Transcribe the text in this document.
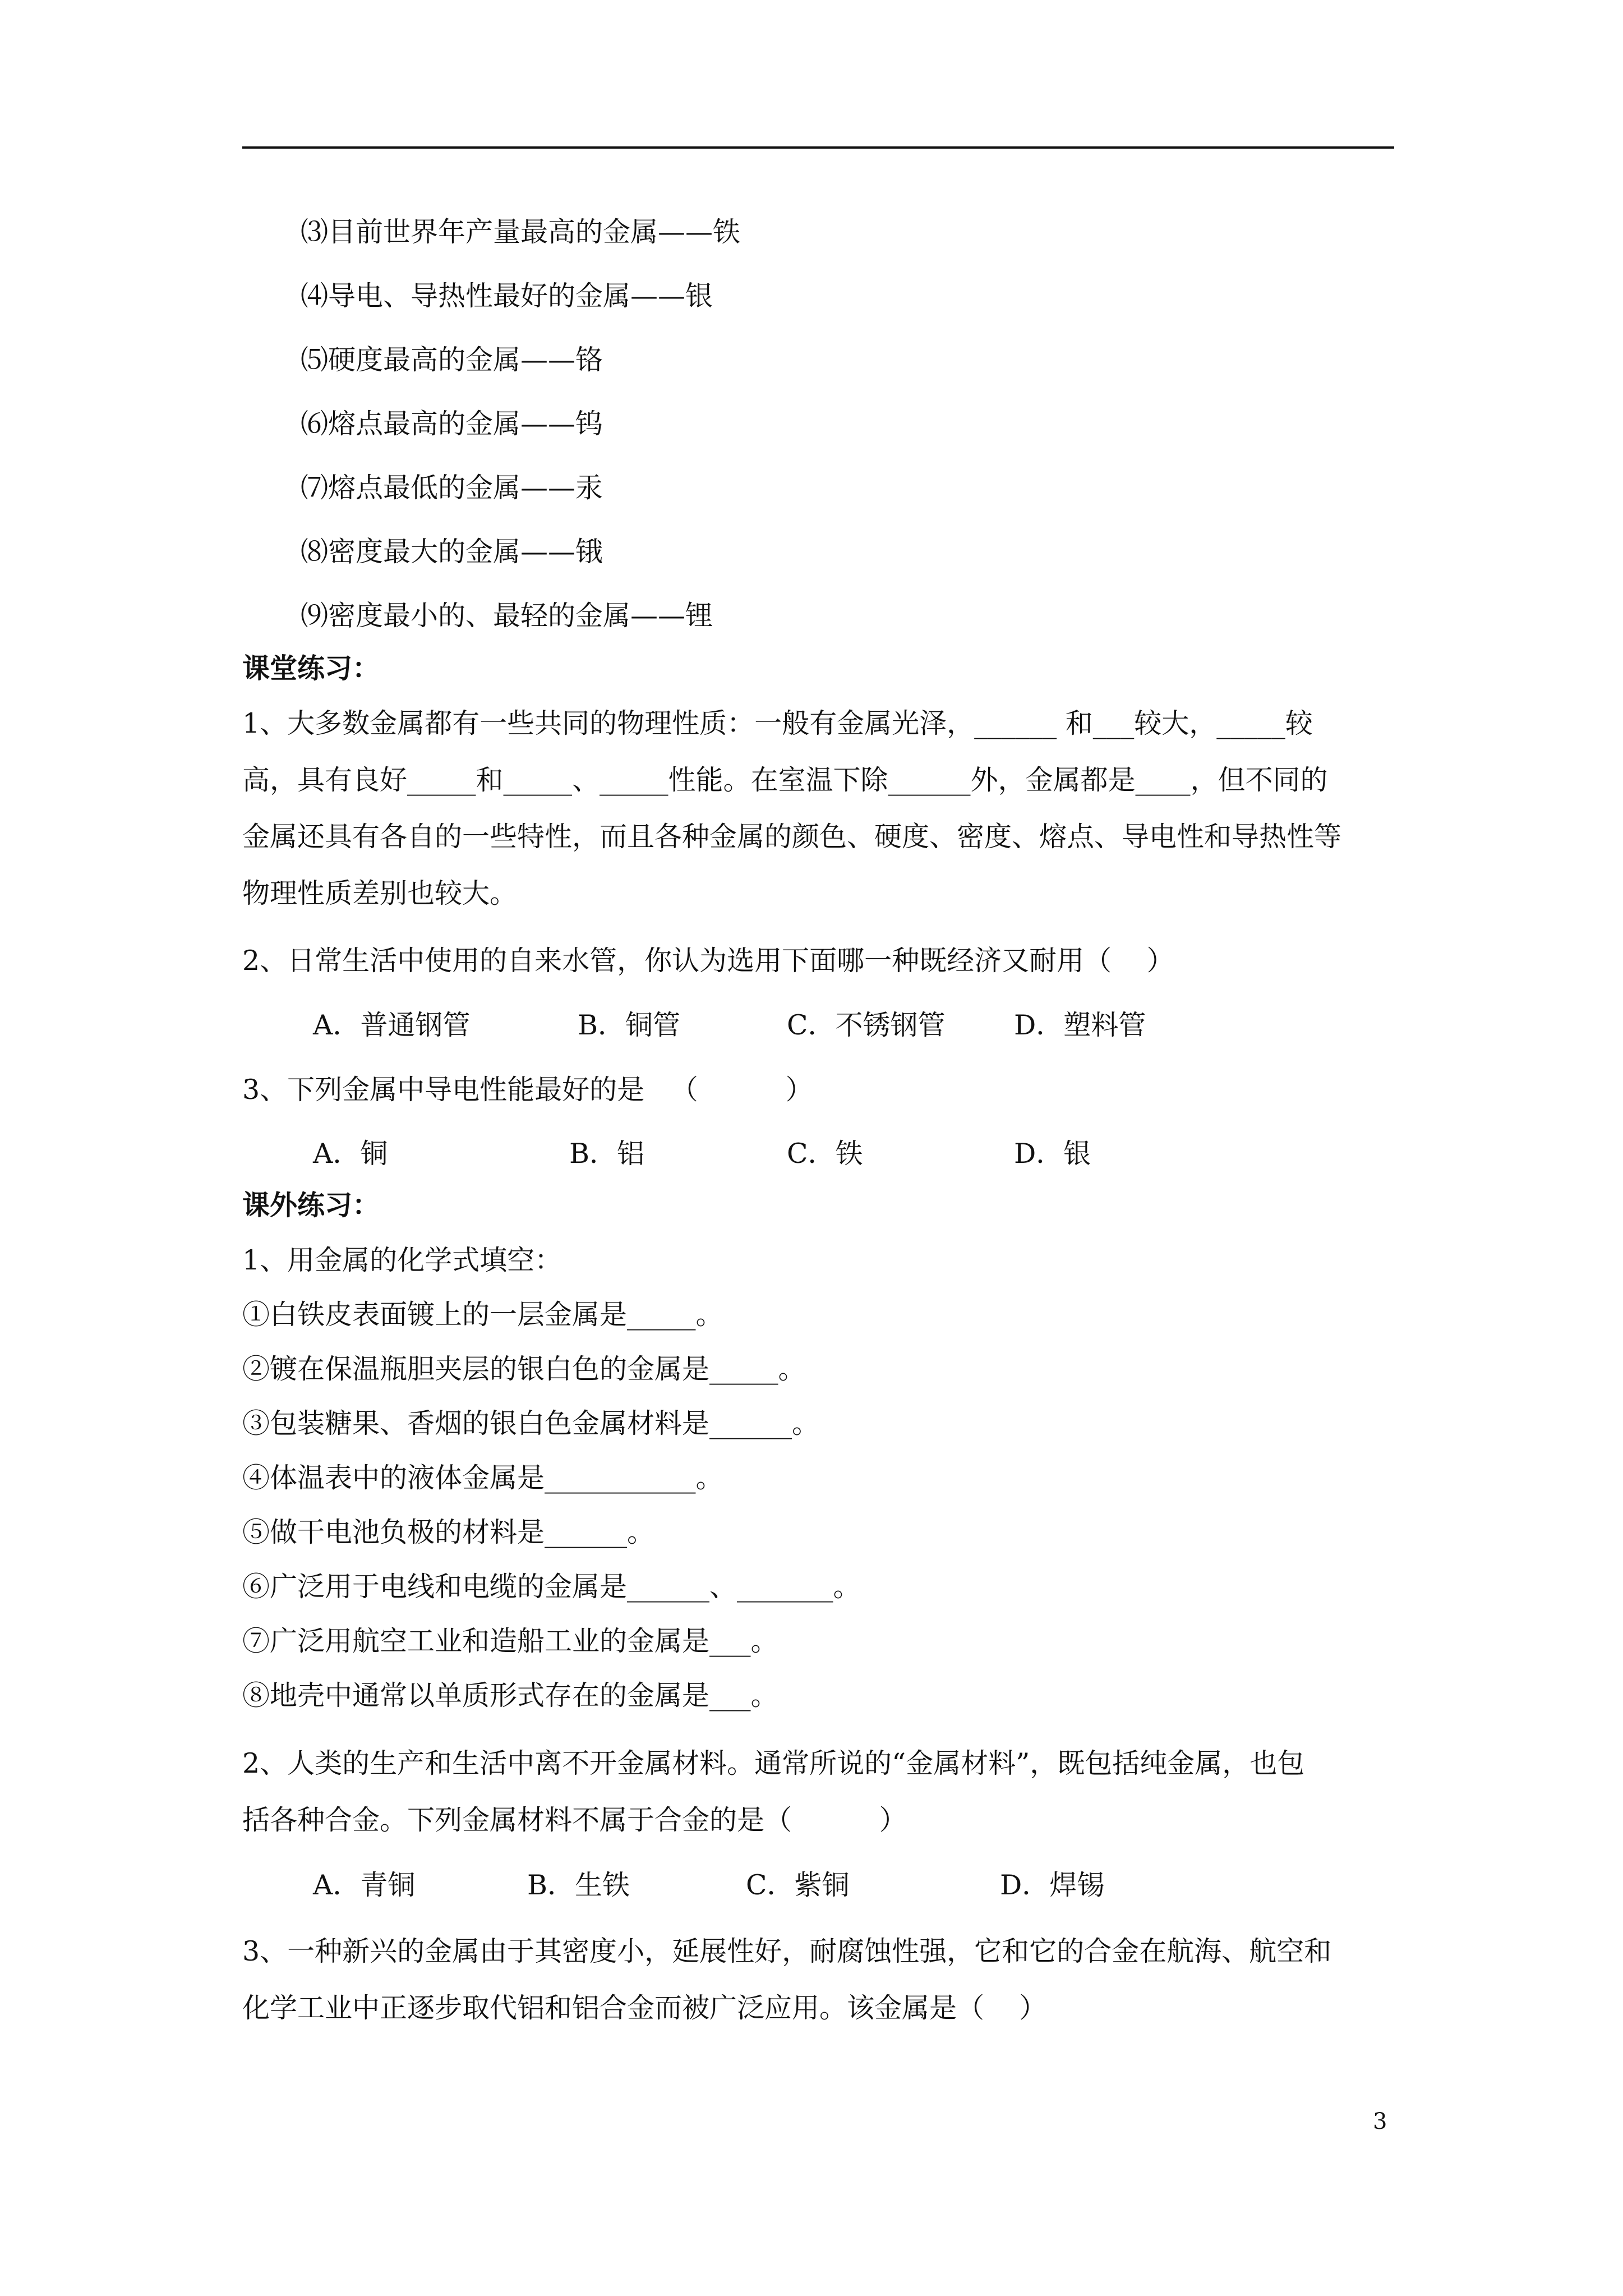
⑶目前世界年产量最高的金属——铁
⑷导电、导热性最好的金属——银
⑸硬度最高的金属——铬
⑹熔点最高的金属——钨
⑺熔点最低的金属——汞
⑻密度最大的金属——锇
⑼密度最小的、最轻的金属——锂
课堂练习：
1、大多数金属都有一些共同的物理性质：一般有金属光泽，______ 和___较大，_____较
高，具有良好_____和_____、_____性能。在室温下除______外，金属都是____，但不同的
金属还具有各自的一些特性，而且各种金属的颜色、硬度、密度、熔点、导电性和导热性等
物理性质差别也较大。
2、日常生活中使用的自来水管，你认为选用下面哪一种既经济又耐用（    ）
A．普通钢管	B．铜管	C．不锈钢管	D．塑料管
3、下列金属中导电性能最好的是   （          ）
A．铜	B．铝	C．铁	D．银
课外练习：
1、用金属的化学式填空：
①白铁皮表面镀上的一层金属是_____。
②镀在保温瓶胆夹层的银白色的金属是_____。
③包装糖果、香烟的银白色金属材料是______。
④体温表中的液体金属是___________。
⑤做干电池负极的材料是______。
⑥广泛用于电线和电缆的金属是______、_______。
⑦广泛用航空工业和造船工业的金属是___。
⑧地壳中通常以单质形式存在的金属是___。
2、人类的生产和生活中离不开金属材料。通常所说的“金属材料”，既包括纯金属，也包
括各种合金。下列金属材料不属于合金的是（          ）
A．青铜	B．生铁	C．紫铜	D．焊锡
3、一种新兴的金属由于其密度小，延展性好，耐腐蚀性强，它和它的合金在航海、航空和
化学工业中正逐步取代铝和铝合金而被广泛应用。该金属是（    ）
3
